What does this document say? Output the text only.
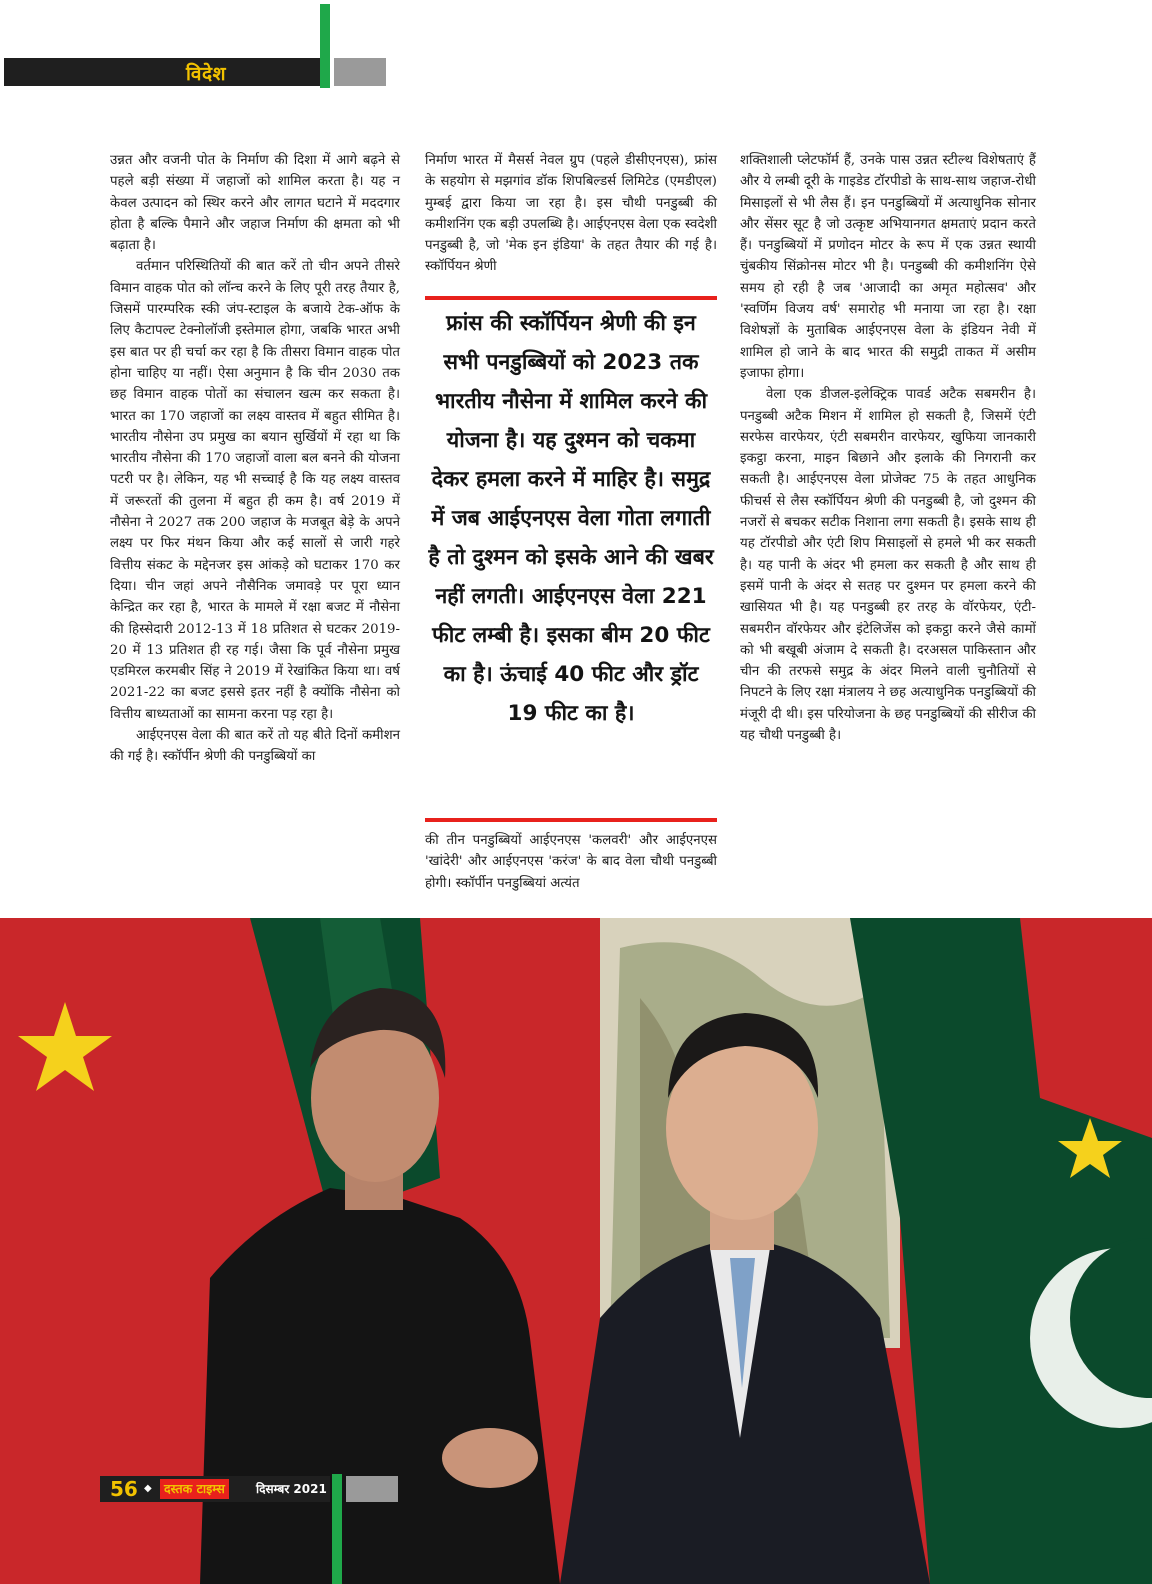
विदेश

उन्नत और वजनी पोत के निर्माण की दिशा में आगे बढ़ने से पहले बड़ी संख्या में जहाजों को शामिल करता है। यह न केवल उत्पादन को स्थिर करने और लागत घटाने में मददगार होता है बल्कि पैमाने और जहाज निर्माण की क्षमता को भी बढ़ाता है।

वर्तमान परिस्थितियों की बात करें तो चीन अपने तीसरे विमान वाहक पोत को लॉन्च करने के लिए पूरी तरह तैयार है, जिसमें पारम्परिक स्की जंप-स्टाइल के बजाये टेक-ऑफ के लिए कैटापल्ट टेक्नोलॉजी इस्तेमाल होगा, जबकि भारत अभी इस बात पर ही चर्चा कर रहा है कि तीसरा विमान वाहक पोत होना चाहिए या नहीं। ऐसा अनुमान है कि चीन 2030 तक छह विमान वाहक पोतों का संचालन खत्म कर सकता है। भारत का 170 जहाजों का लक्ष्य वास्तव में बहुत सीमित है। भारतीय नौसेना उप प्रमुख का बयान सुर्खियों में रहा था कि भारतीय नौसेना की 170 जहाजों वाला बल बनने की योजना पटरी पर है। लेकिन, यह भी सच्चाई है कि यह लक्ष्य वास्तव में जरूरतों की तुलना में बहुत ही कम है। वर्ष 2019 में नौसेना ने 2027 तक 200 जहाज के मजबूत बेड़े के अपने लक्ष्य पर फिर मंथन किया और कई सालों से जारी गहरे वित्तीय संकट के मद्देनजर इस आंकड़े को घटाकर 170 कर दिया। चीन जहां अपने नौसैनिक जमावड़े पर पूरा ध्यान केन्द्रित कर रहा है, भारत के मामले में रक्षा बजट में नौसेना की हिस्सेदारी 2012-13 में 18 प्रतिशत से घटकर 2019-20 में 13 प्रतिशत ही रह गई। जैसा कि पूर्व नौसेना प्रमुख एडमिरल करमबीर सिंह ने 2019 में रेखांकित किया था। वर्ष 2021-22 का बजट इससे इतर नहीं है क्योंकि नौसेना को वित्तीय बाध्यताओं का सामना करना पड़ रहा है।

आईएनएस वेला की बात करें तो यह बीते दिनों कमीशन की गई है। स्कॉर्पीन श्रेणी की पनडुब्बियों का

निर्माण भारत में मैसर्स नेवल ग्रुप (पहले डीसीएनएस), फ्रांस के सहयोग से मझगांव डॉक शिपबिल्डर्स लिमिटेड (एमडीएल) मुम्बई द्वारा किया जा रहा है। इस चौथी पनडुब्बी की कमीशनिंग एक बड़ी उपलब्धि है। आईएनएस वेला एक स्वदेशी पनडुब्बी है, जो 'मेक इन इंडिया' के तहत तैयार की गई है। स्कॉर्पियन श्रेणी

फ्रांस की स्कॉर्पियन श्रेणी की इन सभी पनडुब्बियों को 2023 तक भारतीय नौसेना में शामिल करने की योजना है। यह दुश्मन को चकमा देकर हमला करने में माहिर है। समुद्र में जब आईएनएस वेला गोता लगाती है तो दुश्मन को इसके आने की खबर नहीं लगती। आईएनएस वेला 221 फीट लम्बी है। इसका बीम 20 फीट का है। ऊंचाई 40 फीट और ड्रॉट 19 फीट का है।

की तीन पनडुब्बियों आईएनएस 'कलवरी' और आईएनएस 'खांदेरी' और आईएनएस 'करंज' के बाद वेला चौथी पनडुब्बी होगी। स्कॉर्पीन पनडुब्बियां अत्यंत

शक्तिशाली प्लेटफॉर्म हैं, उनके पास उन्नत स्टील्थ विशेषताएं हैं और ये लम्बी दूरी के गाइडेड टॉरपीडो के साथ-साथ जहाज-रोधी मिसाइलों से भी लैस हैं। इन पनडुब्बियों में अत्याधुनिक सोनार और सेंसर सूट है जो उत्कृष्ट अभियानगत क्षमताएं प्रदान करते हैं। पनडुब्बियों में प्रणोदन मोटर के रूप में एक उन्नत स्थायी चुंबकीय सिंक्रोनस मोटर भी है। पनडुब्बी की कमीशनिंग ऐसे समय हो रही है जब 'आजादी का अमृत महोत्सव' और 'स्वर्णिम विजय वर्ष' समारोह भी मनाया जा रहा है। रक्षा विशेषज्ञों के मुताबिक आईएनएस वेला के इंडियन नेवी में शामिल हो जाने के बाद भारत की समुद्री ताकत में असीम इजाफा होगा।

वेला एक डीजल-इलेक्ट्रिक पावर्ड अटैक सबमरीन है। पनडुब्बी अटैक मिशन में शामिल हो सकती है, जिसमें एंटी सरफेस वारफेयर, एंटी सबमरीन वारफेयर, खुफिया जानकारी इकट्ठा करना, माइन बिछाने और इलाके की निगरानी कर सकती है। आईएनएस वेला प्रोजेक्ट 75 के तहत आधुनिक फीचर्स से लैस स्कॉर्पियन श्रेणी की पनडुब्बी है, जो दुश्मन की नजरों से बचकर सटीक निशाना लगा सकती है। इसके साथ ही यह टॉरपीडो और एंटी शिप मिसाइलों से हमले भी कर सकती है। यह पानी के अंदर भी हमला कर सकती है और साथ ही इसमें पानी के अंदर से सतह पर दुश्मन पर हमला करने की खासियत भी है। यह पनडुब्बी हर तरह के वॉरफेयर, एंटी-सबमरीन वॉरफेयर और इंटेलिजेंस को इकट्ठा करने जैसे कामों को भी बखूबी अंजाम दे सकती है। दरअसल पाकिस्तान और चीन की तरफसे समुद्र के अंदर मिलने वाली चुनौतियों से निपटने के लिए रक्षा मंत्रालय ने छह अत्याधुनिक पनडुब्बियों की मंजूरी दी थी। इस परियोजना के छह पनडुब्बियों की सीरीज की यह चौथी पनडुब्बी है।

56 ◆ दस्तक टाइम्स	दिसम्बर 2021
